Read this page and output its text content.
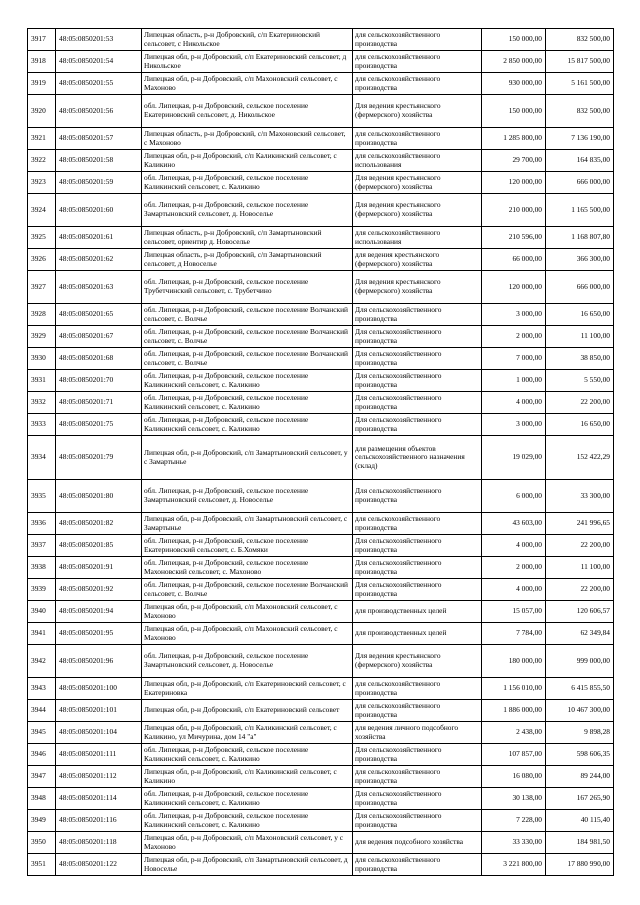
3917	48:05:0850201:53	Липецкая область, р-н Добровский, с/п Екатериновский сельсовет, с Никольское	для сельскохозяйственного производства	150 000,00	832 500,00
3918	48:05:0850201:54	Липецкая обл, р-н Добровский, с/п Екатериновский сельсовет, д Никольское	для сельскохозяйственного производства	2 850 000,00	15 817 500,00
3919	48:05:0850201:55	Липецкая обл, р-н Добровский, с/п Махоновский сельсовет, с Махоново	для сельскохозяйственного производства	930 000,00	5 161 500,00
3920	48:05:0850201:56	обл. Липецкая, р-н Добровский, сельское поселение Екатериновский сельсовет, д. Никольское	Для ведения крестьянского (фермерского) хозяйства	150 000,00	832 500,00
3921	48:05:0850201:57	Липецкая область, р-н Добровский, с/п Махоновский сельсовет, с Махоново	для сельскохозяйственного производства	1 285 800,00	7 136 190,00
3922	48:05:0850201:58	Липецкая обл, р-н Добровский, с/п Каликинский сельсовет, с Каликино	для сельскохозяйственного использования	29 700,00	164 835,00
3923	48:05:0850201:59	обл. Липецкая, р-н Добровский, сельское поселение Каликинский сельсовет, с. Каликино	Для ведения крестьянского (фермерского) хозяйства	120 000,00	666 000,00
3924	48:05:0850201:60	обл. Липецкая, р-н Добровский, сельское поселение Замартыновский сельсовет, д. Новоселье	Для ведения крестьянского (фермерского) хозяйства	210 000,00	1 165 500,00
3925	48:05:0850201:61	Липецкая область, р-н Добровский, с/п Замартыновский сельсовет, ориентир д. Новоселье	для сельскохозяйственного использования	210 596,00	1 168 807,80
3926	48:05:0850201:62	Липецкая область, р-н Добровский, с/п Замартыновский сельсовет, д Новоселье	для ведения крестьянского (фермерского) хозяйства	66 000,00	366 300,00
3927	48:05:0850201:63	обл. Липецкая, р-н Добровский, сельское поселение Трубетчинский сельсовет, с. Трубетчино	Для ведения крестьянского (фермерского) хозяйства	120 000,00	666 000,00
3928	48:05:0850201:65	обл. Липецкая, р-н Добровский, сельское поселение Волчанский сельсовет, с. Волчье	Для сельскохозяйственного производства	3 000,00	16 650,00
3929	48:05:0850201:67	обл. Липецкая, р-н Добровский, сельское поселение Волчанский сельсовет, с. Волчье	Для сельскохозяйственного производства	2 000,00	11 100,00
3930	48:05:0850201:68	обл. Липецкая, р-н Добровский, сельское поселение Волчанский сельсовет, с. Волчье	Для сельскохозяйственного производства	7 000,00	38 850,00
3931	48:05:0850201:70	обл. Липецкая, р-н Добровский, сельское поселение Каликинский сельсовет, с. Каликино	Для сельскохозяйственного производства	1 000,00	5 550,00
3932	48:05:0850201:71	обл. Липецкая, р-н Добровский, сельское поселение Каликинский сельсовет, с. Каликино	Для сельскохозяйственного производства	4 000,00	22 200,00
3933	48:05:0850201:75	обл. Липецкая, р-н Добровский, сельское поселение Каликинский сельсовет, с. Каликино	Для сельскохозяйственного производства	3 000,00	16 650,00
3934	48:05:0850201:79	Липецкая обл, р-н Добровский, с/п Замартыновский сельсовет, у с Замартынье	для размещения объектов сельскохозяйственного назначения (склад)	19 029,00	152 422,29
3935	48:05:0850201:80	обл. Липецкая, р-н Добровский, сельское поселение Замартыновский сельсовет, д. Новоселье	Для сельскохозяйственного производства	6 000,00	33 300,00
3936	48:05:0850201:82	Липецкая обл, р-н Добровский, с/п Замартыновский сельсовет, с Замартынье	для сельскохозяйственного производства	43 603,00	241 996,65
3937	48:05:0850201:85	обл. Липецкая, р-н Добровский, сельское поселение Екатериновский сельсовет, с. Б.Хомяки	Для сельскохозяйственного производства	4 000,00	22 200,00
3938	48:05:0850201:91	обл. Липецкая, р-н Добровский, сельское поселение Махоновский сельсовет, с. Махоново	Для сельскохозяйственного производства	2 000,00	11 100,00
3939	48:05:0850201:92	обл. Липецкая, р-н Добровский, сельское поселение Волчанский сельсовет, с. Волчье	Для сельскохозяйственного производства	4 000,00	22 200,00
3940	48:05:0850201:94	Липецкая обл, р-н Добровский, с/п Махоновский сельсовет, с Махоново	для производственных целей	15 057,00	120 606,57
3941	48:05:0850201:95	Липецкая обл, р-н Добровский, с/п Махоновский сельсовет, с Махоново	для производственных целей	7 784,00	62 349,84
3942	48:05:0850201:96	обл. Липецкая, р-н Добровский, сельское поселение Замартыновский сельсовет, д. Новоселье	Для ведения крестьянского (фермерского) хозяйства	180 000,00	999 000,00
3943	48:05:0850201:100	Липецкая обл, р-н Добровский, с/п Екатериновский сельсовет, с Екатериновка	для сельскохозяйственного производства	1 156 010,00	6 415 855,50
3944	48:05:0850201:101	Липецкая обл, р-н Добровский, с/п Екатериновский сельсовет	для сельскохозяйственного производства	1 886 000,00	10 467 300,00
3945	48:05:0850201:104	Липецкая обл, р-н Добровский, с/п Каликинский сельсовет, с Каликино, ул Мичурина, дом 14 "а"	для ведения личного подсобного хозяйства	2 438,00	9 898,28
3946	48:05:0850201:111	обл. Липецкая, р-н Добровский, сельское поселение Каликинский сельсовет, с. Каликино	Для сельскохозяйственного производства	107 857,00	598 606,35
3947	48:05:0850201:112	Липецкая обл, р-н Добровский, с/п Каликинский сельсовет, с Каликино	для сельскохозяйственного производства	16 080,00	89 244,00
3948	48:05:0850201:114	обл. Липецкая, р-н Добровский, сельское поселение Каликинский сельсовет, с. Каликино	Для сельскохозяйственного производства	30 138,00	167 265,90
3949	48:05:0850201:116	обл. Липецкая, р-н Добровский, сельское поселение Каликинский сельсовет, с. Каликино	Для сельскохозяйственного производства	7 228,00	40 115,40
3950	48:05:0850201:118	Липецкая обл, р-н Добровский, с/п Махоновский сельсовет, у с Махоново	для ведения подсобного хозяйства	33 330,00	184 981,50
3951	48:05:0850201:122	Липецкая обл, р-н Добровский, с/п Замартыновский сельсовет, д Новоселье	для сельскохозяйственного производства	3 221 800,00	17 880 990,00
